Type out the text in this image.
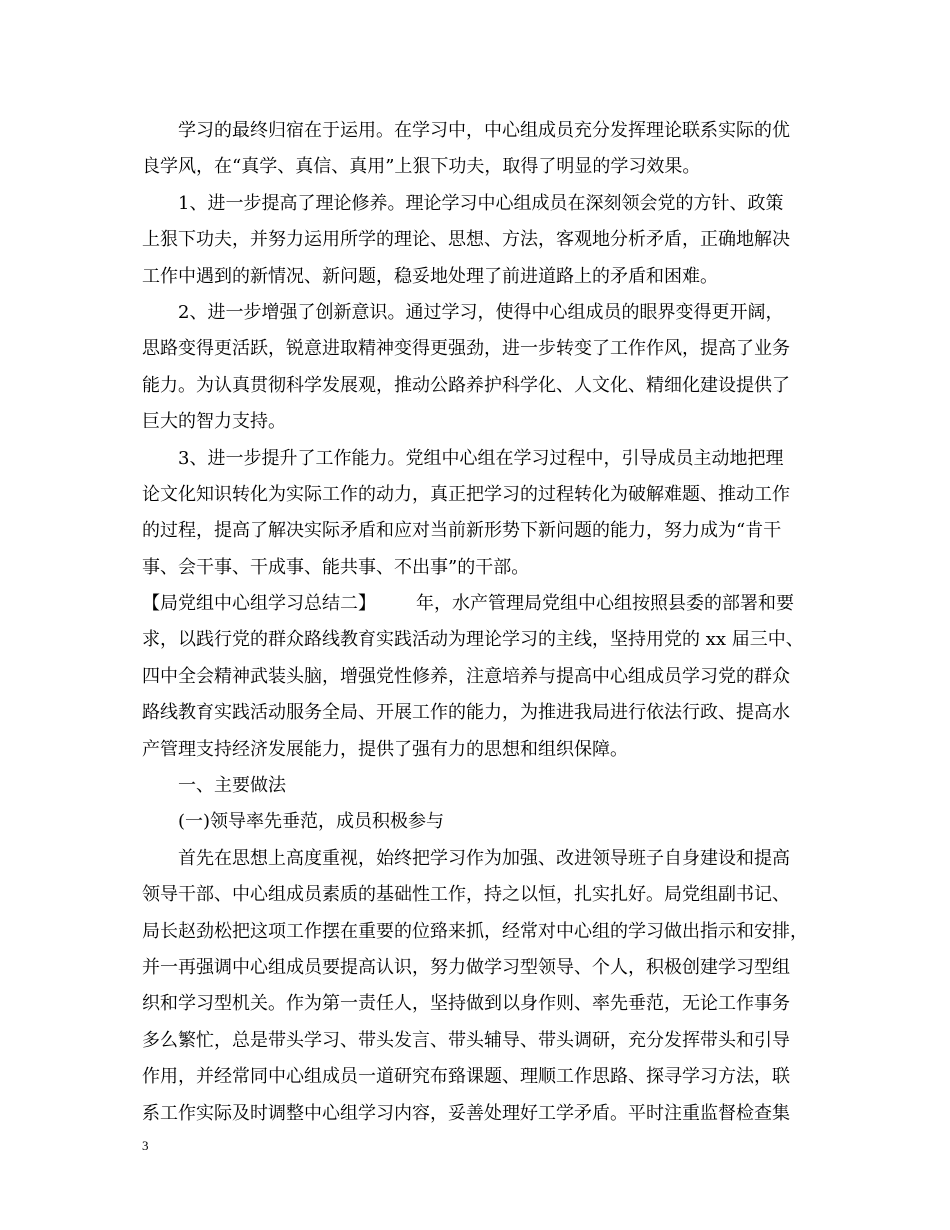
学习的最终归宿在于运用。在学习中，中心组成员充分发挥理论联系实际的优
良学风，在“真学、真信、真用”上狠下功夫，取得了明显的学习效果。
1、进一步提高了理论修养。理论学习中心组成员在深刻领会党的方针、政策
上狠下功夫，并努力运用所学的理论、思想、方法，客观地分析矛盾，正确地解决
工作中遇到的新情况、新问题，稳妥地处理了前进道路上的矛盾和困难。
2、进一步增强了创新意识。通过学习，使得中心组成员的眼界变得更开阔，
思路变得更活跃，锐意进取精神变得更强劲，进一步转变了工作作风，提高了业务
能力。为认真贯彻科学发展观，推动公路养护科学化、人文化、精细化建设提供了
巨大的智力支持。
3、进一步提升了工作能力。党组中心组在学习过程中，引导成员主动地把理
论文化知识转化为实际工作的动力，真正把学习的过程转化为破解难题、推动工作
的过程，提高了解决实际矛盾和应对当前新形势下新问题的能力，努力成为“肯干
事、会干事、干成事、能共事、不出事”的干部。
【局党组中心组学习总结二】 年，水产管理局党组中心组按照县委的部署和要
求，以践行党的群众路线教育实践活动为理论学习的主线，坚持用党的 xx 届三中、
四中全会精神武装头脑，增强党性修养，注意培养与提高中心组成员学习党的群众
路线教育实践活动服务全局、开展工作的能力，为推进我局进行依法行政、提高水
产管理支持经济发展能力，提供了强有力的思想和组织保障。
一、主要做法
(一)领导率先垂范，成员积极参与
首先在思想上高度重视，始终把学习作为加强、改进领导班子自身建设和提高
领导干部、中心组成员素质的基础性工作，持之以恒，扎实扎好。局党组副书记、
局长赵劲松把这项工作摆在重要的位臵来抓，经常对中心组的学习做出指示和安排，
并一再强调中心组成员要提高认识，努力做学习型领导、个人，积极创建学习型组
织和学习型机关。作为第一责任人，坚持做到以身作则、率先垂范，无论工作事务
多么繁忙，总是带头学习、带头发言、带头辅导、带头调研，充分发挥带头和引导
作用，并经常同中心组成员一道研究布臵课题、理顺工作思路、探寻学习方法，联
系工作实际及时调整中心组学习内容，妥善处理好工学矛盾。平时注重监督检查集
3
